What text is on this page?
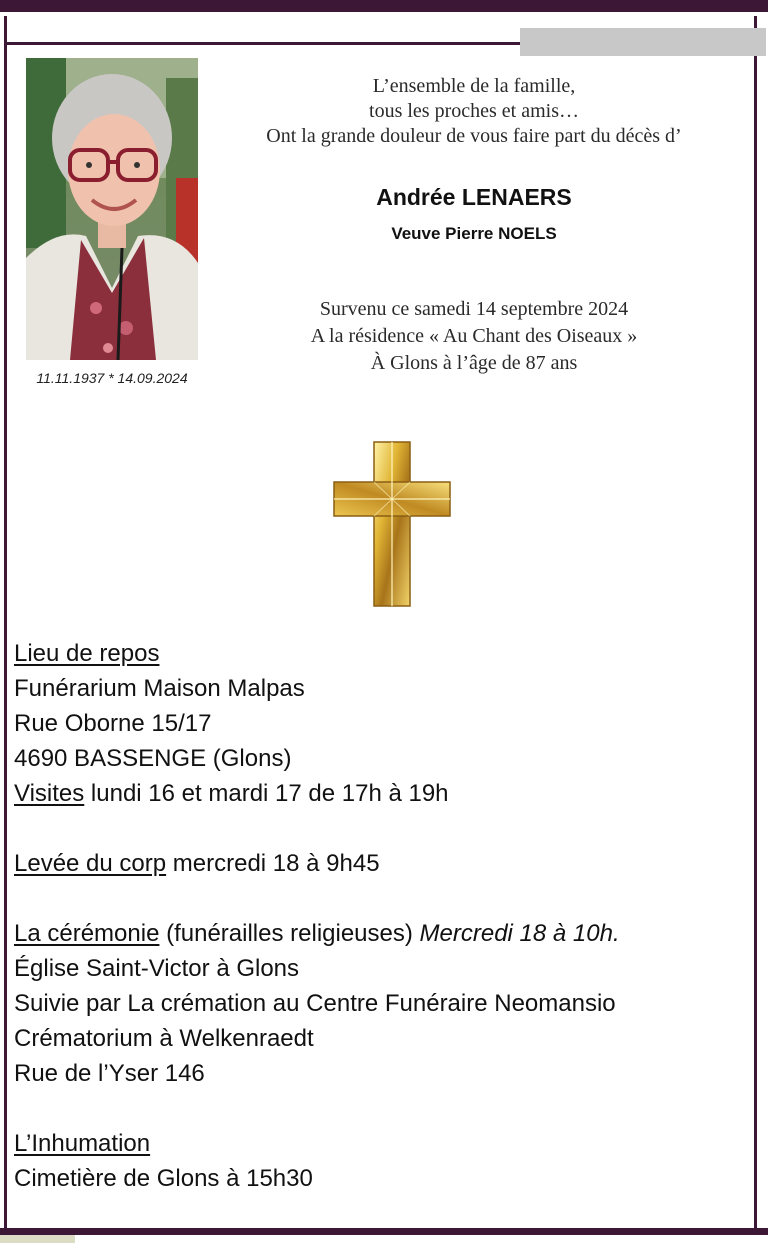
11.11.1937 * 14.09.2024
L’ensemble de la famille,
tous les proches et amis…
Ont la grande douleur de vous faire part du décès d’
Andrée LENAERS
Veuve Pierre NOELS
Survenu ce samedi 14 septembre 2024
A la résidence « Au Chant des Oiseaux »
À Glons à l’âge de 87 ans
Lieu de repos
Funérarium Maison Malpas
Rue Oborne 15/17
4690 BASSENGE (Glons)
Visites lundi 16 et mardi 17 de 17h à 19h
Levée du corp mercredi 18 à 9h45
La cérémonie (funérailles religieuses) Mercredi 18 à 10h.
Église Saint-Victor à Glons
Suivie par La crémation au Centre Funéraire Neomansio
Crématorium à Welkenraedt
Rue de l’Yser 146
L’Inhumation
Cimetière de Glons à 15h30
